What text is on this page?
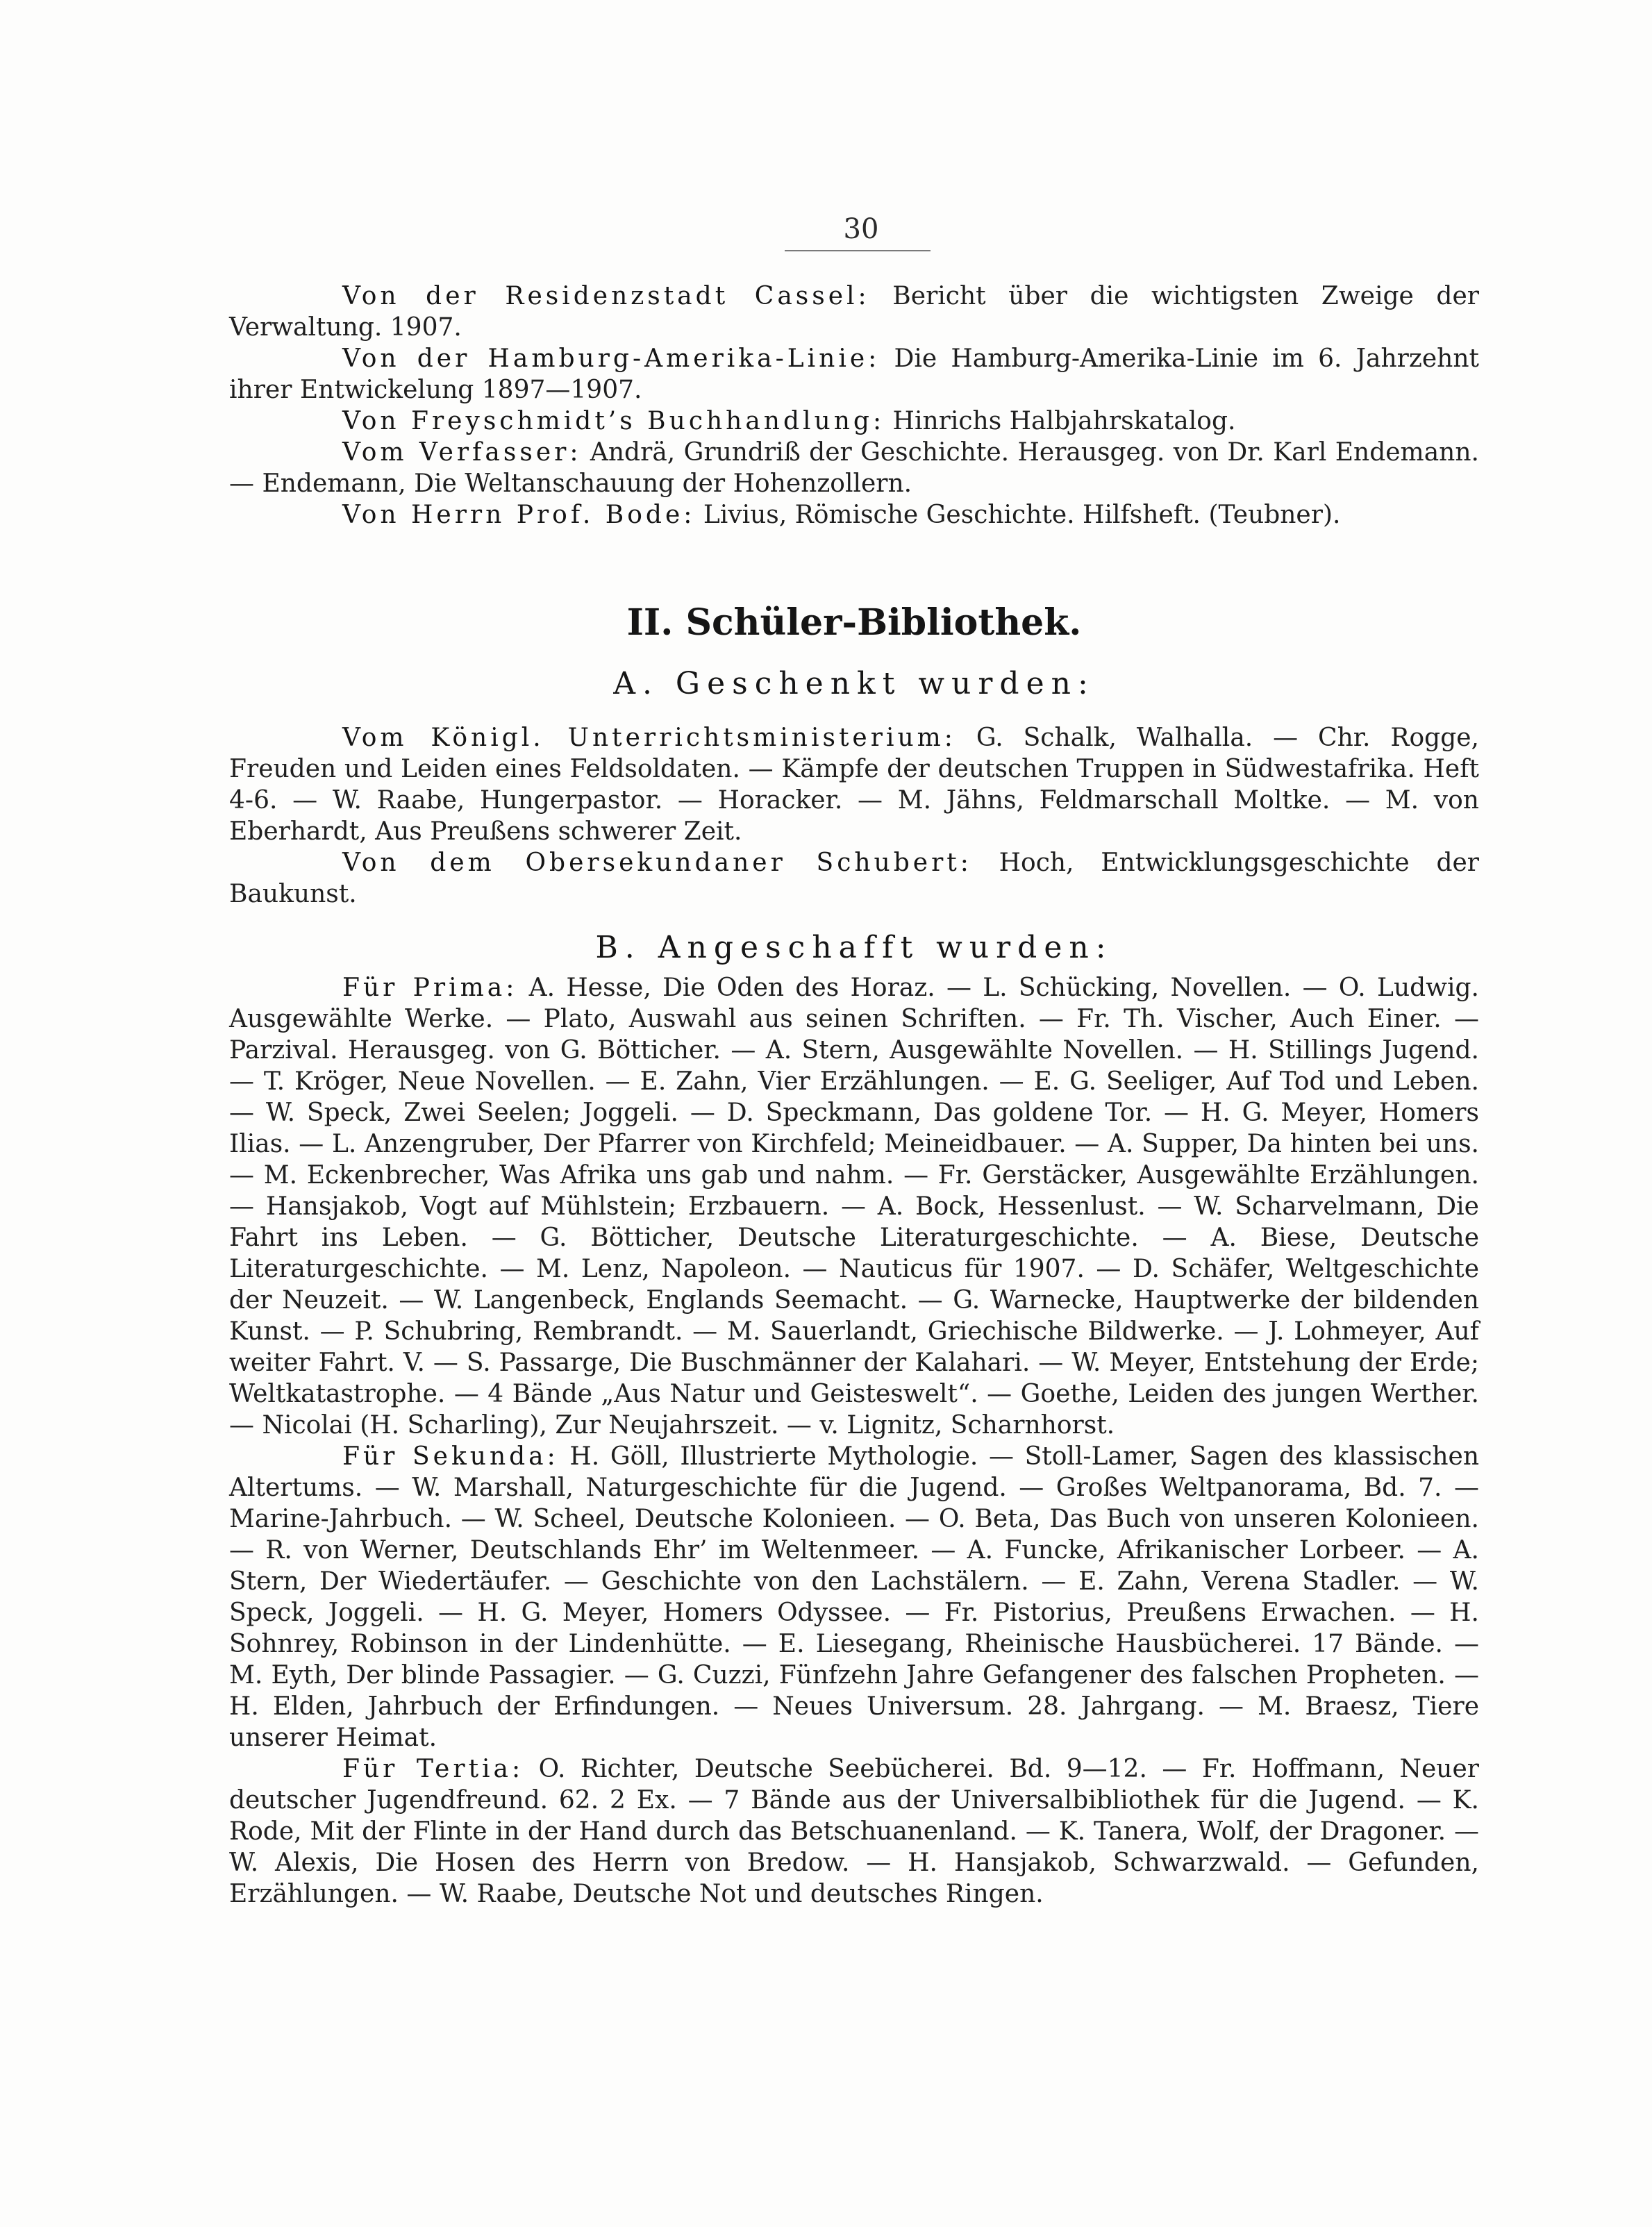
30

Von der Residenzstadt Cassel: Bericht über die wichtigsten Zweige der Verwaltung. 1907.

Von der Hamburg-Amerika-Linie: Die Hamburg-Amerika-Linie im 6. Jahrzehnt ihrer Entwickelung 1897—1907.

Von Freyschmidt’s Buchhandlung: Hinrichs Halbjahrskatalog.

Vom Verfasser: Andrä, Grundriß der Geschichte. Herausgeg. von Dr. Karl Endemann. — Endemann, Die Weltanschauung der Hohenzollern.

Von Herrn Prof. Bode: Livius, Römische Geschichte. Hilfsheft. (Teubner).

II. Schüler-Bibliothek.
A. Geschenkt wurden:

Vom Königl. Unterrichtsministerium: G. Schalk, Walhalla. — Chr. Rogge, Freuden und Leiden eines Feldsoldaten. — Kämpfe der deutschen Truppen in Südwestafrika. Heft 4-6. — W. Raabe, Hungerpastor. — Horacker. — M. Jähns, Feldmarschall Moltke. — M. von Eberhardt, Aus Preußens schwerer Zeit.

Von dem Obersekundaner Schubert: Hoch, Entwicklungsgeschichte der Baukunst.

B. Angeschafft wurden:

Für Prima: A. Hesse, Die Oden des Horaz. — L. Schücking, Novellen. — O. Ludwig. Ausgewählte Werke. — Plato, Auswahl aus seinen Schriften. — Fr. Th. Vischer, Auch Einer. — Parzival. Herausgeg. von G. Bötticher. — A. Stern, Ausgewählte Novellen. — H. Stillings Jugend. — T. Kröger, Neue Novellen. — E. Zahn, Vier Erzählungen. — E. G. Seeliger, Auf Tod und Leben. — W. Speck, Zwei Seelen; Joggeli. — D. Speckmann, Das goldene Tor. — H. G. Meyer, Homers Ilias. — L. Anzengruber, Der Pfarrer von Kirchfeld; Meineidbauer. — A. Supper, Da hinten bei uns. — M. Eckenbrecher, Was Afrika uns gab und nahm. — Fr. Gerstäcker, Ausgewählte Erzählungen. — Hansjakob, Vogt auf Mühlstein; Erzbauern. — A. Bock, Hessenlust. — W. Scharvelmann, Die Fahrt ins Leben. — G. Bötticher, Deutsche Literaturgeschichte. — A. Biese, Deutsche Literaturgeschichte. — M. Lenz, Napoleon. — Nauticus für 1907. — D. Schäfer, Weltgeschichte der Neuzeit. — W. Langenbeck, Englands Seemacht. — G. Warnecke, Hauptwerke der bildenden Kunst. — P. Schubring, Rembrandt. — M. Sauerlandt, Griechische Bildwerke. — J. Lohmeyer, Auf weiter Fahrt. V. — S. Passarge, Die Buschmänner der Kalahari. — W. Meyer, Entstehung der Erde; Weltkatastrophe. — 4 Bände „Aus Natur und Geisteswelt“. — Goethe, Leiden des jungen Werther. — Nicolai (H. Scharling), Zur Neujahrszeit. — v. Lignitz, Scharnhorst.

Für Sekunda: H. Göll, Illustrierte Mythologie. — Stoll-Lamer, Sagen des klassischen Altertums. — W. Marshall, Naturgeschichte für die Jugend. — Großes Weltpanorama, Bd. 7. — Marine-Jahrbuch. — W. Scheel, Deutsche Kolonieen. — O. Beta, Das Buch von unseren Kolonieen. — R. von Werner, Deutschlands Ehr’ im Weltenmeer. — A. Funcke, Afrikanischer Lorbeer. — A. Stern, Der Wiedertäufer. — Geschichte von den Lachstälern. — E. Zahn, Verena Stadler. — W. Speck, Joggeli. — H. G. Meyer, Homers Odyssee. — Fr. Pistorius, Preußens Erwachen. — H. Sohnrey, Robinson in der Lindenhütte. — E. Liesegang, Rheinische Hausbücherei. 17 Bände. — M. Eyth, Der blinde Passagier. — G. Cuzzi, Fünfzehn Jahre Gefangener des falschen Propheten. — H. Elden, Jahrbuch der Erfindungen. — Neues Universum. 28. Jahrgang. — M. Braesz, Tiere unserer Heimat.

Für Tertia: O. Richter, Deutsche Seebücherei. Bd. 9—12. — Fr. Hoffmann, Neuer deutscher Jugendfreund. 62. 2 Ex. — 7 Bände aus der Universalbibliothek für die Jugend. — K. Rode, Mit der Flinte in der Hand durch das Betschuanenland. — K. Tanera, Wolf, der Dragoner. — W. Alexis, Die Hosen des Herrn von Bredow. — H. Hansjakob, Schwarzwald. — Gefunden, Erzählungen. — W. Raabe, Deutsche Not und deutsches Ringen.
